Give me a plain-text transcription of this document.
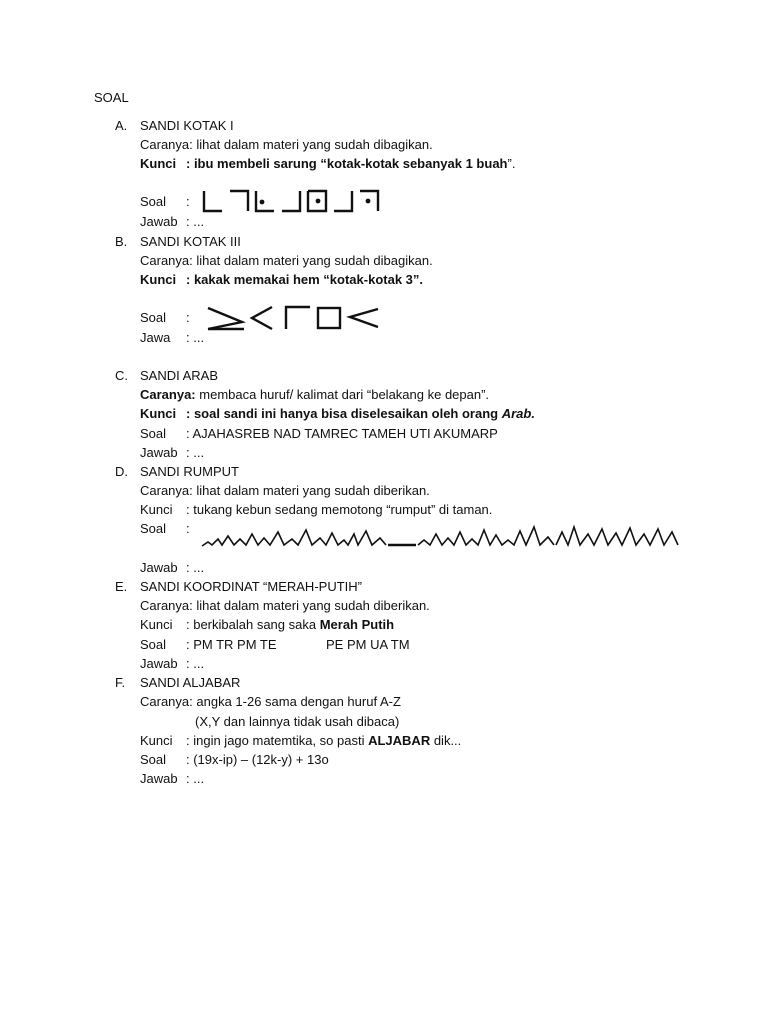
SOAL
A. SANDI KOTAK I
Caranya: lihat dalam materi yang sudah dibagikan.
Kunci : ibu membeli sarung “kotak-kotak sebanyak 1 buah”.
Soal :
Jawab : ...
B. SANDI KOTAK III
Caranya: lihat dalam materi yang sudah dibagikan.
Kunci : kakak memakai hem “kotak-kotak 3”.
Soal :
Jawa : ...
C. SANDI ARAB
Caranya: membaca huruf/ kalimat dari “belakang ke depan”.
Kunci : soal sandi ini hanya bisa diselesaikan oleh orang Arab.
Soal : AJAHASREB NAD TAMREC TAMEH UTI AKUMARP
Jawab : ...
D. SANDI RUMPUT
Caranya: lihat dalam materi yang sudah diberikan.
Kunci : tukang kebun sedang memotong “rumput” di taman.
Soal :
Jawab : ...
E. SANDI KOORDINAT “MERAH-PUTIH”
Caranya: lihat dalam materi yang sudah diberikan.
Kunci : berkibalah sang saka Merah Putih
Soal : PM TR PM TE	PE PM UA TM
Jawab : ...
F. SANDI ALJABAR
Caranya: angka 1-26 sama dengan huruf A-Z
(X,Y dan lainnya tidak usah dibaca)
Kunci : ingin jago matemtika, so pasti ALJABAR dik...
Soal : (19x-ip) – (12k-y) + 13o
Jawab : ...
